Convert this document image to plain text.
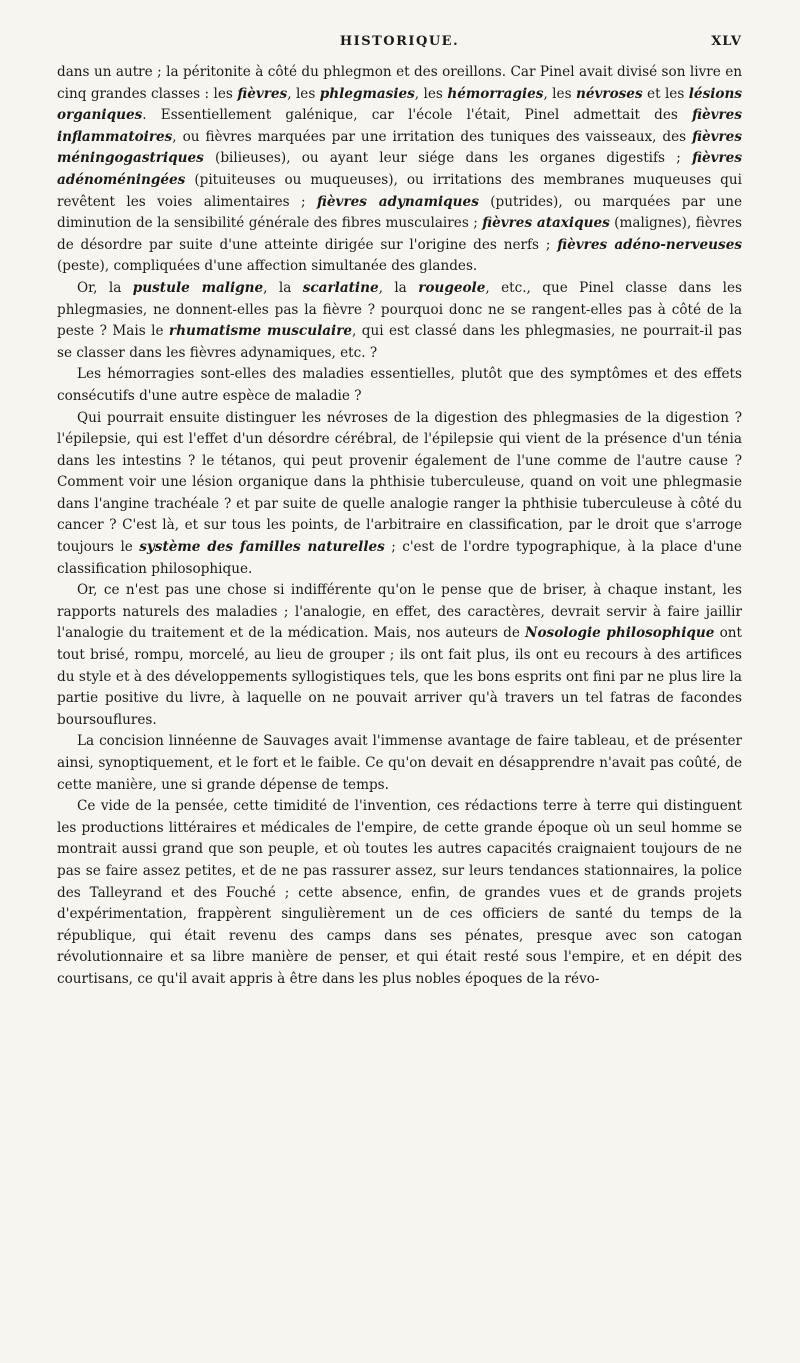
HISTORIQUE.	XLV

dans un autre ; la péritonite à côté du phlegmon et des oreillons. Car Pinel avait divisé son livre en cinq grandes classes : les fièvres, les phlegmasies, les hémorragies, les névroses et les lésions organiques. Essentiellement galénique, car l'école l'était, Pinel admettait des fièvres inflammatoires, ou fièvres marquées par une irritation des tuniques des vaisseaux, des fièvres méningogastriques (bilieuses), ou ayant leur siége dans les organes digestifs ; fièvres adénoméningées (pituiteuses ou muqueuses), ou irritations des membranes muqueuses qui revêtent les voies alimentaires ; fièvres adynamiques (putrides), ou marquées par une diminution de la sensibilité générale des fibres musculaires ; fièvres ataxiques (malignes), fièvres de désordre par suite d'une atteinte dirigée sur l'origine des nerfs ; fièvres adéno-nerveuses (peste), compliquées d'une affection simultanée des glandes.

Or, la pustule maligne, la scarlatine, la rougeole, etc., que Pinel classe dans les phlegmasies, ne donnent-elles pas la fièvre ? pourquoi donc ne se rangent-elles pas à côté de la peste ? Mais le rhumatisme musculaire, qui est classé dans les phlegmasies, ne pourrait-il pas se classer dans les fièvres adynamiques, etc. ?

Les hémorragies sont-elles des maladies essentielles, plutôt que des symptômes et des effets consécutifs d'une autre espèce de maladie ?

Qui pourrait ensuite distinguer les névroses de la digestion des phlegmasies de la digestion ? l'épilepsie, qui est l'effet d'un désordre cérébral, de l'épilepsie qui vient de la présence d'un ténia dans les intestins ? le tétanos, qui peut provenir également de l'une comme de l'autre cause ? Comment voir une lésion organique dans la phthisie tuberculeuse, quand on voit une phlegmasie dans l'angine trachéale ? et par suite de quelle analogie ranger la phthisie tuberculeuse à côté du cancer ? C'est là, et sur tous les points, de l'arbitraire en classification, par le droit que s'arroge toujours le système des familles naturelles ; c'est de l'ordre typographique, à la place d'une classification philosophique.

Or, ce n'est pas une chose si indifférente qu'on le pense que de briser, à chaque instant, les rapports naturels des maladies ; l'analogie, en effet, des caractères, devrait servir à faire jaillir l'analogie du traitement et de la médication. Mais, nos auteurs de Nosologie philosophique ont tout brisé, rompu, morcelé, au lieu de grouper ; ils ont fait plus, ils ont eu recours à des artifices du style et à des développements syllogistiques tels, que les bons esprits ont fini par ne plus lire la partie positive du livre, à laquelle on ne pouvait arriver qu'à travers un tel fatras de facondes boursouflures.

La concision linnéenne de Sauvages avait l'immense avantage de faire tableau, et de présenter ainsi, synoptiquement, et le fort et le faible. Ce qu'on devait en désapprendre n'avait pas coûté, de cette manière, une si grande dépense de temps.

Ce vide de la pensée, cette timidité de l'invention, ces rédactions terre à terre qui distinguent les productions littéraires et médicales de l'empire, de cette grande époque où un seul homme se montrait aussi grand que son peuple, et où toutes les autres capacités craignaient toujours de ne pas se faire assez petites, et de ne pas rassurer assez, sur leurs tendances stationnaires, la police des Talleyrand et des Fouché ; cette absence, enfin, de grandes vues et de grands projets d'expérimentation, frappèrent singulièrement un de ces officiers de santé du temps de la république, qui était revenu des camps dans ses pénates, presque avec son catogan révolutionnaire et sa libre manière de penser, et qui était resté sous l'empire, et en dépit des courtisans, ce qu'il avait appris à être dans les plus nobles époques de la révo-
